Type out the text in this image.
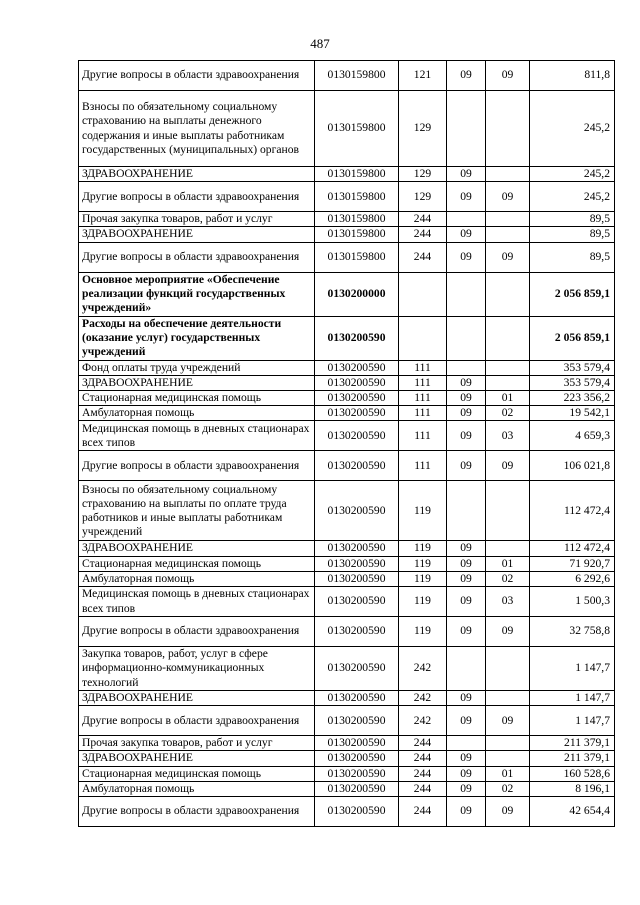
487
Другие вопросы в области здравоохранения	0130159800	121	09	09	811,8
Взносы по обязательному социальному страхованию на выплаты денежного содержания и иные выплаты работникам государственных (муниципальных) органов	0130159800	129			245,2
ЗДРАВООХРАНЕНИЕ	0130159800	129	09		245,2
Другие вопросы в области здравоохранения	0130159800	129	09	09	245,2
Прочая закупка товаров, работ и услуг	0130159800	244			89,5
ЗДРАВООХРАНЕНИЕ	0130159800	244	09		89,5
Другие вопросы в области здравоохранения	0130159800	244	09	09	89,5
Основное мероприятие «Обеспечение реализации функций государственных учреждений»	0130200000				2 056 859,1
Расходы на обеспечение деятельности (оказание услуг) государственных учреждений	0130200590				2 056 859,1
Фонд оплаты труда учреждений	0130200590	111			353 579,4
ЗДРАВООХРАНЕНИЕ	0130200590	111	09		353 579,4
Стационарная медицинская помощь	0130200590	111	09	01	223 356,2
Амбулаторная помощь	0130200590	111	09	02	19 542,1
Медицинская помощь в дневных стационарах всех типов	0130200590	111	09	03	4 659,3
Другие вопросы в области здравоохранения	0130200590	111	09	09	106 021,8
Взносы по обязательному социальному страхованию на выплаты по оплате труда работников и иные выплаты работникам учреждений	0130200590	119			112 472,4
ЗДРАВООХРАНЕНИЕ	0130200590	119	09		112 472,4
Стационарная медицинская помощь	0130200590	119	09	01	71 920,7
Амбулаторная помощь	0130200590	119	09	02	6 292,6
Медицинская помощь в дневных стационарах всех типов	0130200590	119	09	03	1 500,3
Другие вопросы в области здравоохранения	0130200590	119	09	09	32 758,8
Закупка товаров, работ, услуг в сфере информационно-коммуникационных технологий	0130200590	242			1 147,7
ЗДРАВООХРАНЕНИЕ	0130200590	242	09		1 147,7
Другие вопросы в области здравоохранения	0130200590	242	09	09	1 147,7
Прочая закупка товаров, работ и услуг	0130200590	244			211 379,1
ЗДРАВООХРАНЕНИЕ	0130200590	244	09		211 379,1
Стационарная медицинская помощь	0130200590	244	09	01	160 528,6
Амбулаторная помощь	0130200590	244	09	02	8 196,1
Другие вопросы в области здравоохранения	0130200590	244	09	09	42 654,4
